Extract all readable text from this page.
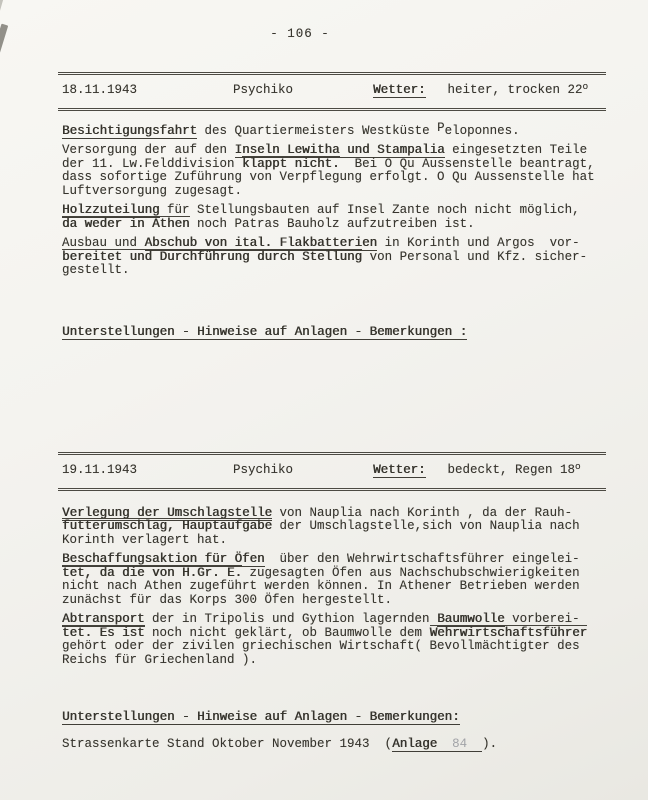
- 106 -
18.11.1943	Psychiko	Wetter: heiter, trocken 22$^o$
Besichtigungsfahrt des Quartiermeisters Westküste Peloponnes.
Versorgung der auf den Inseln Lewitha und Stampalia eingesetzten Teile
der 11. Lw.Felddivision klappt nicht.  Bei O Qu Aussenstelle beantragt,
dass sofortige Zuführung von Verpflegung erfolgt. O Qu Aussenstelle hat
Luftversorgung zugesagt.
Holzzuteilung für Stellungsbauten auf Insel Zante noch nicht möglich,
da weder in Athen noch Patras Bauholz aufzutreiben ist.
Ausbau und Abschub von ital. Flakbatterien in Korinth und Argos  vor-
bereitet und Durchführung durch Stellung von Personal und Kfz. sicher-
gestellt.
Unterstellungen - Hinweise auf Anlagen - Bemerkungen :
19.11.1943	Psychiko	Wetter: bedeckt, Regen 18$^o$
Verlegung der Umschlagstelle von Nauplia nach Korinth , da der Rauh-
futterumschlag, Hauptaufgabe der Umschlagstelle,sich von Nauplia nach
Korinth verlagert hat.
Beschaffungsaktion für Öfen  über den Wehrwirtschaftsführer eingelei-
tet, da die von H.Gr. E. zugesagten Öfen aus Nachschubschwierigkeiten
nicht nach Athen zugeführt werden können. In Athener Betrieben werden
zunächst für das Korps 300 Öfen hergestellt.
Abtransport der in Tripolis und Gythion lagernden Baumwolle vorberei-
tet. Es ist noch nicht geklärt, ob Baumwolle dem Wehrwirtschaftsführer
gehört oder der zivilen griechischen Wirtschaft( Bevollmächtigter des
Reichs für Griechenland ).
Unterstellungen - Hinweise auf Anlagen - Bemerkungen:
Strassenkarte Stand Oktober November 1943  (Anlage 84 ).
